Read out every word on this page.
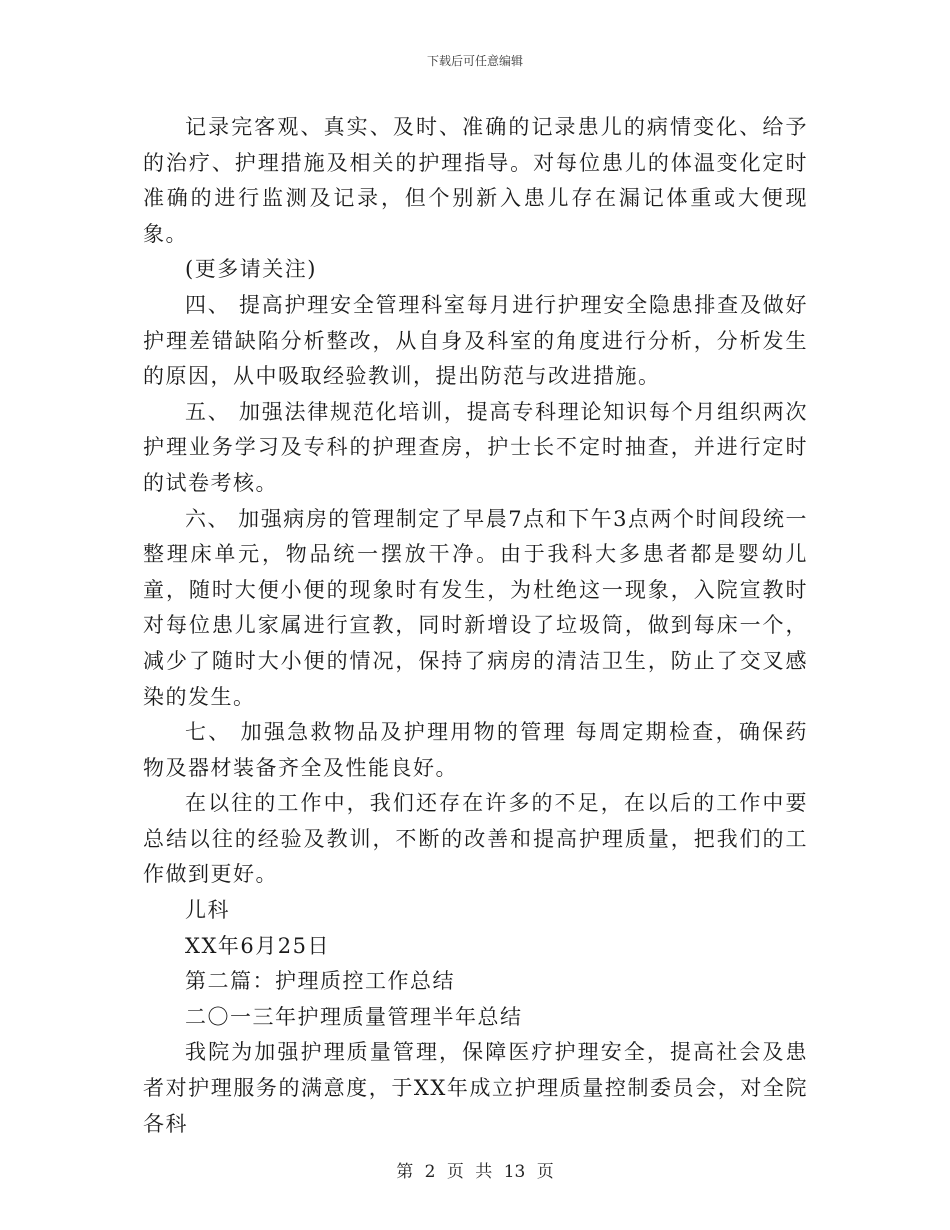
下载后可任意编辑

记录完客观、真实、及时、准确的记录患儿的病情变化、给予的治疗、护理措施及相关的护理指导。对每位患儿的体温变化定时准确的进行监测及记录，但个别新入患儿存在漏记体重或大便现象。

(更多请关注)

四、 提高护理安全管理科室每月进行护理安全隐患排查及做好护理差错缺陷分析整改，从自身及科室的角度进行分析，分析发生的原因，从中吸取经验教训，提出防范与改进措施。

五、 加强法律规范化培训，提高专科理论知识每个月组织两次护理业务学习及专科的护理查房，护士长不定时抽查，并进行定时的试卷考核。

六、 加强病房的管理制定了早晨7点和下午3点两个时间段统一整理床单元，物品统一摆放干净。由于我科大多患者都是婴幼儿童，随时大便小便的现象时有发生，为杜绝这一现象，入院宣教时对每位患儿家属进行宣教，同时新增设了垃圾筒，做到每床一个，减少了随时大小便的情况，保持了病房的清洁卫生，防止了交叉感染的发生。

七、 加强急救物品及护理用物的管理 每周定期检查，确保药物及器材装备齐全及性能良好。

在以往的工作中，我们还存在许多的不足，在以后的工作中要总结以往的经验及教训，不断的改善和提高护理质量，把我们的工作做到更好。

儿科

XX年6月25日

第二篇：护理质控工作总结

二〇一三年护理质量管理半年总结

我院为加强护理质量管理，保障医疗护理安全，提高社会及患者对护理服务的满意度，于XX年成立护理质量控制委员会，对全院各科

第 2 页 共 13 页
